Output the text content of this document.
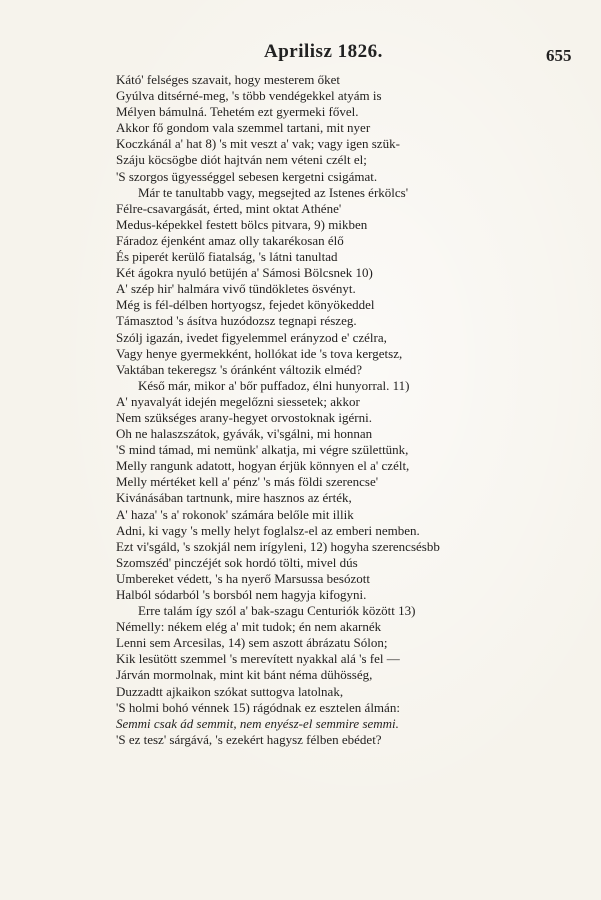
Aprilisz 1826.	655
Kátó' felséges szavait, hogy mesterem őket
Gyúlva ditsérné-meg, 's több vendégekkel atyám is
Mélyen bámulná. Tehetém ezt gyermeki fővel.
Akkor fő gondom vala szemmel tartani, mit nyer
Koczkánál a' hat 8) 's mit veszt a' vak; vagy igen szük-
Száju köcsögbe diót hajtván nem véteni czélt el;
'S szorgos ügyességgel sebesen kergetni csigámat.
Már te tanultabb vagy, megsejted az Istenes érkölcs'
Félre-csavargását, érted, mint oktat Athéne'
Medus-képekkel festett bölcs pitvara, 9) mikben
Fáradoz éjenként amaz olly takarékosan élő
És piperét kerülő fiatalság, 's látni tanultad
Két ágokra nyuló betüjén a' Sámosi Bölcsnek 10)
A' szép hir' halmára vivő tündökletes ösvényt.
Még is fél-délben hortyogsz, fejedet könyökeddel
Támasztod 's ásítva huzódozsz tegnapi részeg.
Szólj igazán, ivedet figyelemmel erányzod e' czélra,
Vagy henye gyermekként, hollókat ide 's tova kergetsz,
Vaktában tekeregsz 's óránként változik elméd?
Késő már, mikor a' bőr puffadoz, élni hunyorral. 11)
A' nyavalyát idején megelőzni siessetek; akkor
Nem szükséges arany-hegyet orvostoknak igérni.
Oh ne halaszszátok, gyávák, vi'sgálni, mi honnan
'S mind támad, mi nemünk' alkatja, mi végre születtünk,
Melly rangunk adatott, hogyan érjük könnyen el a' czélt,
Melly mértéket kell a' pénz' 's más földi szerencse'
Kivánásában tartnunk, mire hasznos az érték,
A' haza' 's a' rokonok' számára belőle mit illik
Adni, ki vagy 's melly helyt foglalsz-el az emberi nemben.
Ezt vi'sgáld, 's szokjál nem irígyleni, 12) hogyha szerencsésbb
Szomszéd' pinczéjét sok hordó tölti, mivel dús
Umbereket védett, 's ha nyerő Marsussa besózott
Halból sódarból 's borsból nem hagyja kifogyni.
Erre talám így szól a' bak-szagu Centuriók között 13)
Némelly: nékem elég a' mit tudok; én nem akarnék
Lenni sem Arcesilas, 14) sem aszott ábrázatu Sólon;
Kik lesütött szemmel 's merevített nyakkal alá 's fel —
Járván mormolnak, mint kit bánt néma dühösség,
Duzzadtt ajkaikon szókat suttogva latolnak,
'S holmi bohó vénnek 15) rágódnak ez esztelen álmán:
Semmi csak ád semmit, nem enyész-el semmire semmi.
'S ez tesz' sárgává, 's ezekért hagysz félben ebédet?
